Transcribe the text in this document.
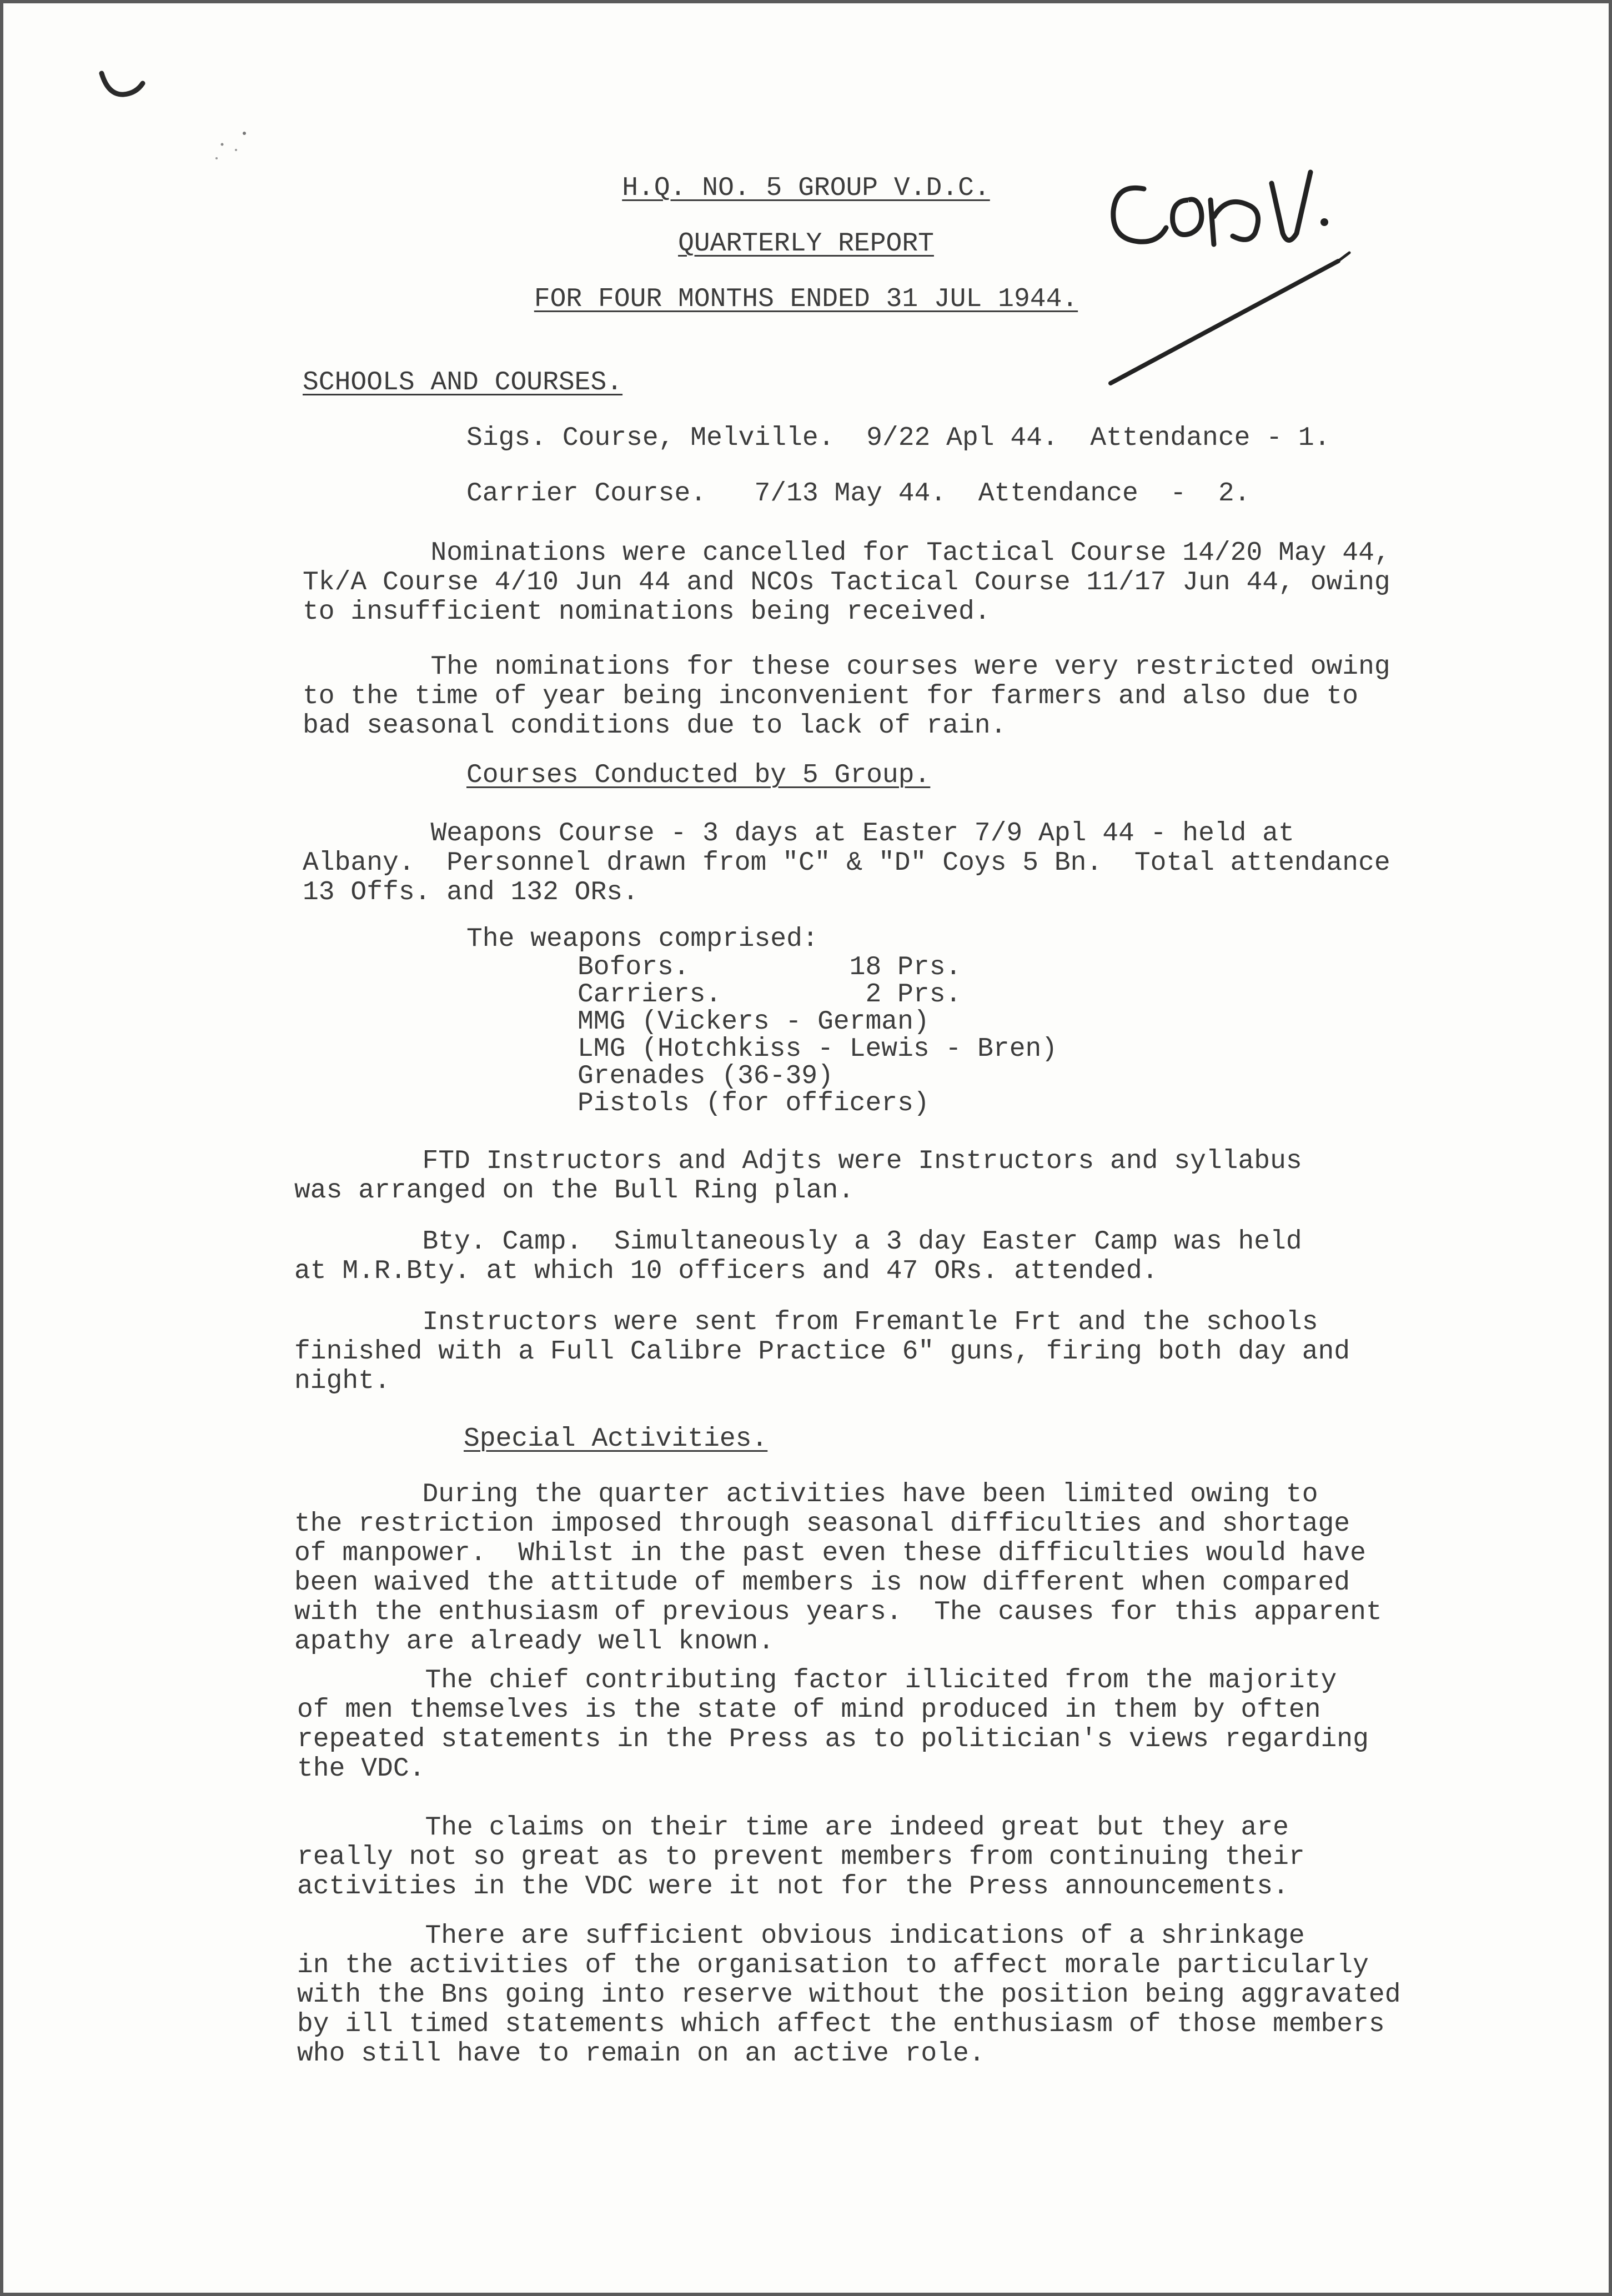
H.Q. NO. 5 GROUP V.D.C.
QUARTERLY REPORT
FOR FOUR MONTHS ENDED 31 JUL 1944.
SCHOOLS AND COURSES.
Sigs. Course, Melville.  9/22 Apl 44.  Attendance - 1.
Carrier Course.   7/13 May 44.  Attendance  -  2.
Nominations were cancelled for Tactical Course 14/20 May 44,
Tk/A Course 4/10 Jun 44 and NCOs Tactical Course 11/17 Jun 44, owing
to insufficient nominations being received.
The nominations for these courses were very restricted owing
to the time of year being inconvenient for farmers and also due to
bad seasonal conditions due to lack of rain.
Courses Conducted by 5 Group.
Weapons Course - 3 days at Easter 7/9 Apl 44 - held at
Albany.  Personnel drawn from "C" & "D" Coys 5 Bn.  Total attendance
13 Offs. and 132 ORs.
The weapons comprised:
Bofors.          18 Prs.
Carriers.         2 Prs.
MMG (Vickers - German)
LMG (Hotchkiss - Lewis - Bren)
Grenades (36-39)
Pistols (for officers)
FTD Instructors and Adjts were Instructors and syllabus
was arranged on the Bull Ring plan.
Bty. Camp.  Simultaneously a 3 day Easter Camp was held
at M.R.Bty. at which 10 officers and 47 ORs. attended.
Instructors were sent from Fremantle Frt and the schools
finished with a Full Calibre Practice 6" guns, firing both day and
night.
Special Activities.
During the quarter activities have been limited owing to
the restriction imposed through seasonal difficulties and shortage
of manpower.  Whilst in the past even these difficulties would have
been waived the attitude of members is now different when compared
with the enthusiasm of previous years.  The causes for this apparent
apathy are already well known.
The chief contributing factor illicited from the majority
of men themselves is the state of mind produced in them by often
repeated statements in the Press as to politician's views regarding
the VDC.
The claims on their time are indeed great but they are
really not so great as to prevent members from continuing their
activities in the VDC were it not for the Press announcements.
There are sufficient obvious indications of a shrinkage
in the activities of the organisation to affect morale particularly
with the Bns going into reserve without the position being aggravated
by ill timed statements which affect the enthusiasm of those members
who still have to remain on an active role.
